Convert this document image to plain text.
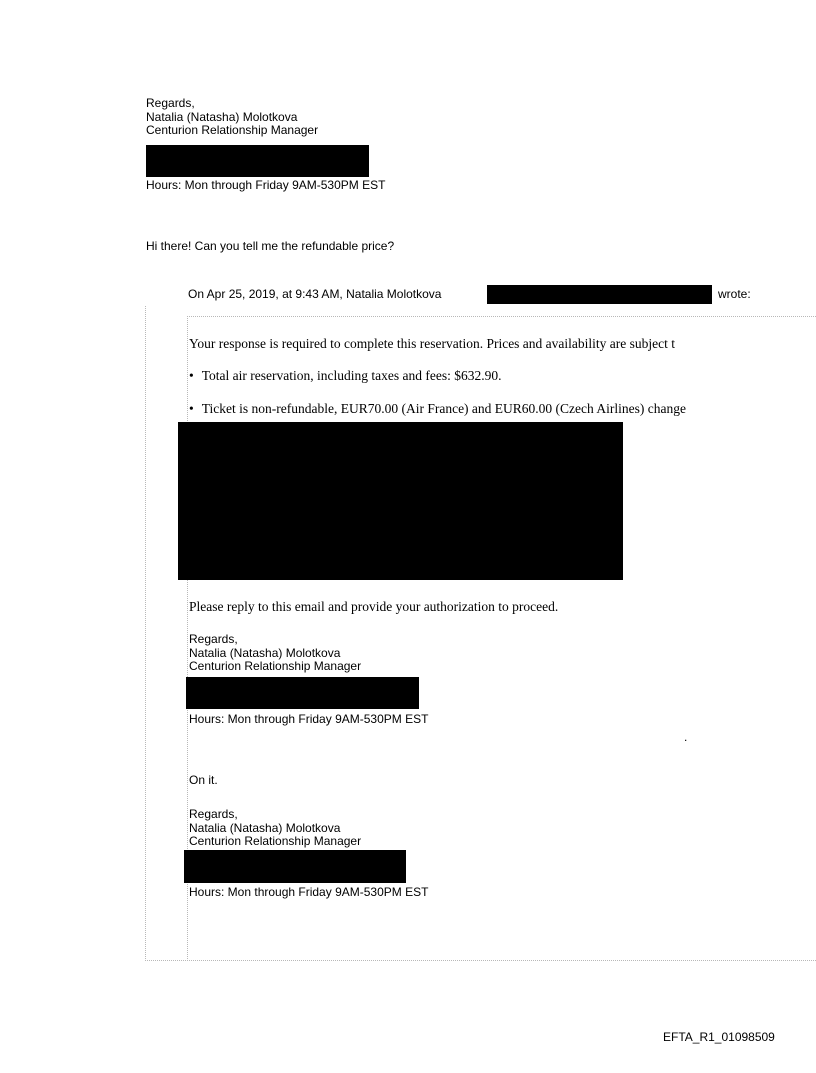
Regards,
Natalia (Natasha) Molotkova
Centurion Relationship Manager
Hours: Mon through Friday 9AM-530PM EST
Hi there! Can you tell me the refundable price?
On Apr 25, 2019, at 9:43 AM, Natalia Molotkova	wrote:
Your response is required to complete this reservation. Prices and availability are subject t
• Total air reservation, including taxes and fees: $632.90.
• Ticket is non-refundable, EUR70.00 (Air France) and EUR60.00 (Czech Airlines) change
Please reply to this email and provide your authorization to proceed.
Regards,
Natalia (Natasha) Molotkova
Centurion Relationship Manager
Hours: Mon through Friday 9AM-530PM EST
.
On it.
Regards,
Natalia (Natasha) Molotkova
Centurion Relationship Manager
Hours: Mon through Friday 9AM-530PM EST
EFTA_R1_01098509
